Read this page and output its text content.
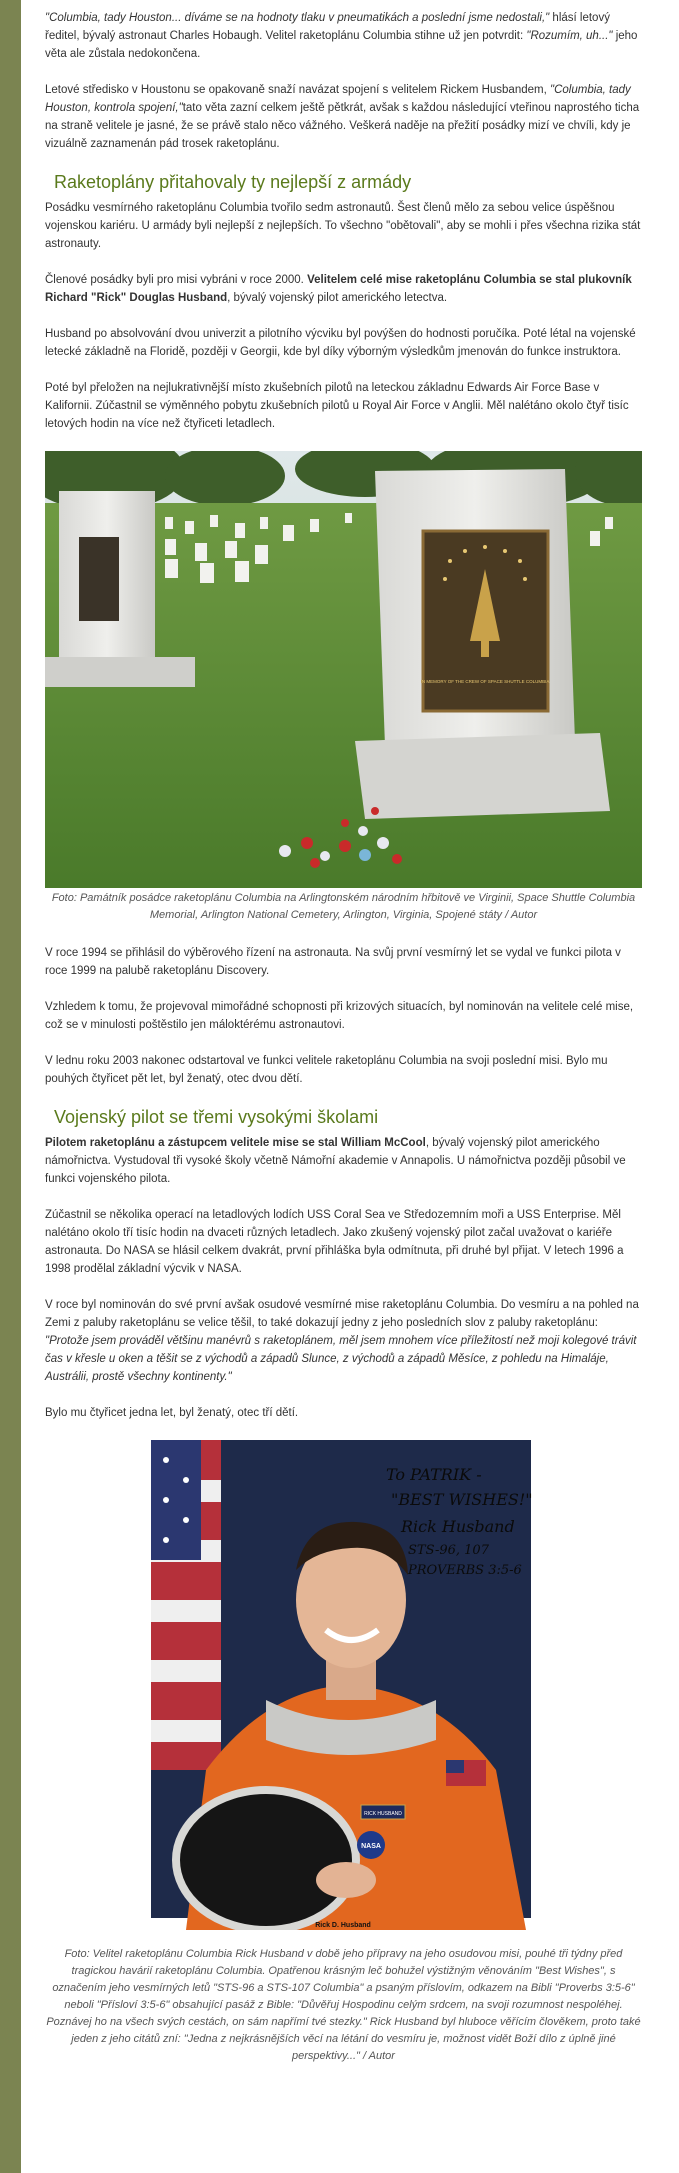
"Columbia, tady Houston... díváme se na hodnoty tlaku v pneumatikách a poslední jsme nedostali," hlásí letový ředitel, bývalý astronaut Charles Hobaugh. Velitel raketoplánu Columbia stihne už jen potvrdit: "Rozumím, uh..." jeho věta ale zůstala nedokončena.

Letové středisko v Houstonu se opakovaně snaží navázat spojení s velitelem Rickem Husbandem, "Columbia, tady Houston, kontrola spojení,"tato věta zazní celkem ještě pětkrát, avšak s každou následující vteřinou naprostého ticha na straně velitele je jasné, že se právě stalo něco vážného. Veškerá naděje na přežití posádky mizí ve chvíli, kdy je vizuálně zaznamenán pád trosek raketoplánu.

Raketoplány přitahovaly ty nejlepší z armády

Posádku vesmírného raketoplánu Columbia tvořilo sedm astronautů. Šest členů mělo za sebou velice úspěšnou vojenskou kariéru. U armády byli nejlepší z nejlepších. To všechno "obětovali", aby se mohli i přes všechna rizika stát astronauty.

Členové posádky byli pro misi vybráni v roce 2000. Velitelem celé mise raketoplánu Columbia se stal plukovník Richard "Rick" Douglas Husband, bývalý vojenský pilot amerického letectva.

Husband po absolvování dvou univerzit a pilotního výcviku byl povýšen do hodnosti poručíka. Poté létal na vojenské letecké základně na Floridě, později v Georgii, kde byl díky výborným výsledkům jmenován do funkce instruktora.

Poté byl přeložen na nejlukrativnější místo zkušebních pilotů na leteckou základnu Edwards Air Force Base v Kalifornii. Zúčastnil se výměnného pobytu zkušebních pilotů u Royal Air Force v Anglii. Měl nalétáno okolo čtyř tisíc letových hodin na více než čtyřiceti letadlech.

IN MEMORY OF THE CREW OF SPACE SHUTTLE COLUMBIA
Foto: Památník posádce raketoplánu Columbia na Arlingtonském národním hřbitově ve Virginii, Space Shuttle Columbia Memorial, Arlington National Cemetery, Arlington, Virginia, Spojené státy / Autor

V roce 1994 se přihlásil do výběrového řízení na astronauta. Na svůj první vesmírný let se vydal ve funkci pilota v roce 1999 na palubě raketoplánu Discovery.

Vzhledem k tomu, že projevoval mimořádné schopnosti při krizových situacích, byl nominován na velitele celé mise, což se v minulosti poštěstilo jen máloktérému astronautovi.

V lednu roku 2003 nakonec odstartoval ve funkci velitele raketoplánu Columbia na svoji poslední misi. Bylo mu pouhých čtyřicet pět let, byl ženatý, otec dvou dětí.

Vojenský pilot se třemi vysokými školami

Pilotem raketoplánu a zástupcem velitele mise se stal William McCool, bývalý vojenský pilot amerického námořnictva. Vystudoval tři vysoké školy včetně Námořní akademie v Annapolis. U námořnictva později působil ve funkci vojenského pilota.

Zúčastnil se několika operací na letadlových lodích USS Coral Sea ve Středozemním moři a USS Enterprise. Měl nalétáno okolo tří tisíc hodin na dvaceti různých letadlech. Jako zkušený vojenský pilot začal uvažovat o kariéře astronauta. Do NASA se hlásil celkem dvakrát, první přihláška byla odmítnuta, při druhé byl přijat. V letech 1996 a 1998 prodělal základní výcvik v NASA.

V roce byl nominován do své první avšak osudové vesmírné mise raketoplánu Columbia. Do vesmíru a na pohled na Zemi z paluby raketoplánu se velice těšil, to také dokazují jedny z jeho posledních slov z paluby raketoplánu: "Protože jsem prováděl většinu manévrů s raketoplánem, měl jsem mnohem více příležitostí než moji kolegové trávit čas v křesle u oken a těšit se z východů a západů Slunce, z východů a západů Měsíce, z pohledu na Himaláje, Austrálii, prostě všechny kontinenty."

Bylo mu čtyřicet jedna let, byl ženatý, otec tří dětí.

RICK HUSBAND
NASA
To PATRIK -
"BEST WISHES!"
Rick Husband
STS-96, 107
PROVERBS 3:5-6
Rick D. Husband
Foto: Velitel raketoplánu Columbia Rick Husband v době jeho přípravy na jeho osudovou misi, pouhé tři týdny před tragickou havárií raketoplánu Columbia. Opatřenou krásným leč bohužel výstižným věnováním "Best Wishes", s označením jeho vesmírných letů "STS-96 a STS-107 Columbia" a psaným příslovím, odkazem na Bibli "Proverbs 3:5-6" neboli "Přísloví 3:5-6" obsahující pasáž z Bible: "Důvěřuj Hospodinu celým srdcem, na svoji rozumnost nespoléhej. Poznávej ho na všech svých cestách, on sám napřímí tvé stezky." Rick Husband byl hluboce věřícím člověkem, proto také jeden z jeho citátů zní: "Jedna z nejkrásnějších věcí na létání do vesmíru je, možnost vidět Boží dílo z úplně jiné perspektivy..." / Autor
